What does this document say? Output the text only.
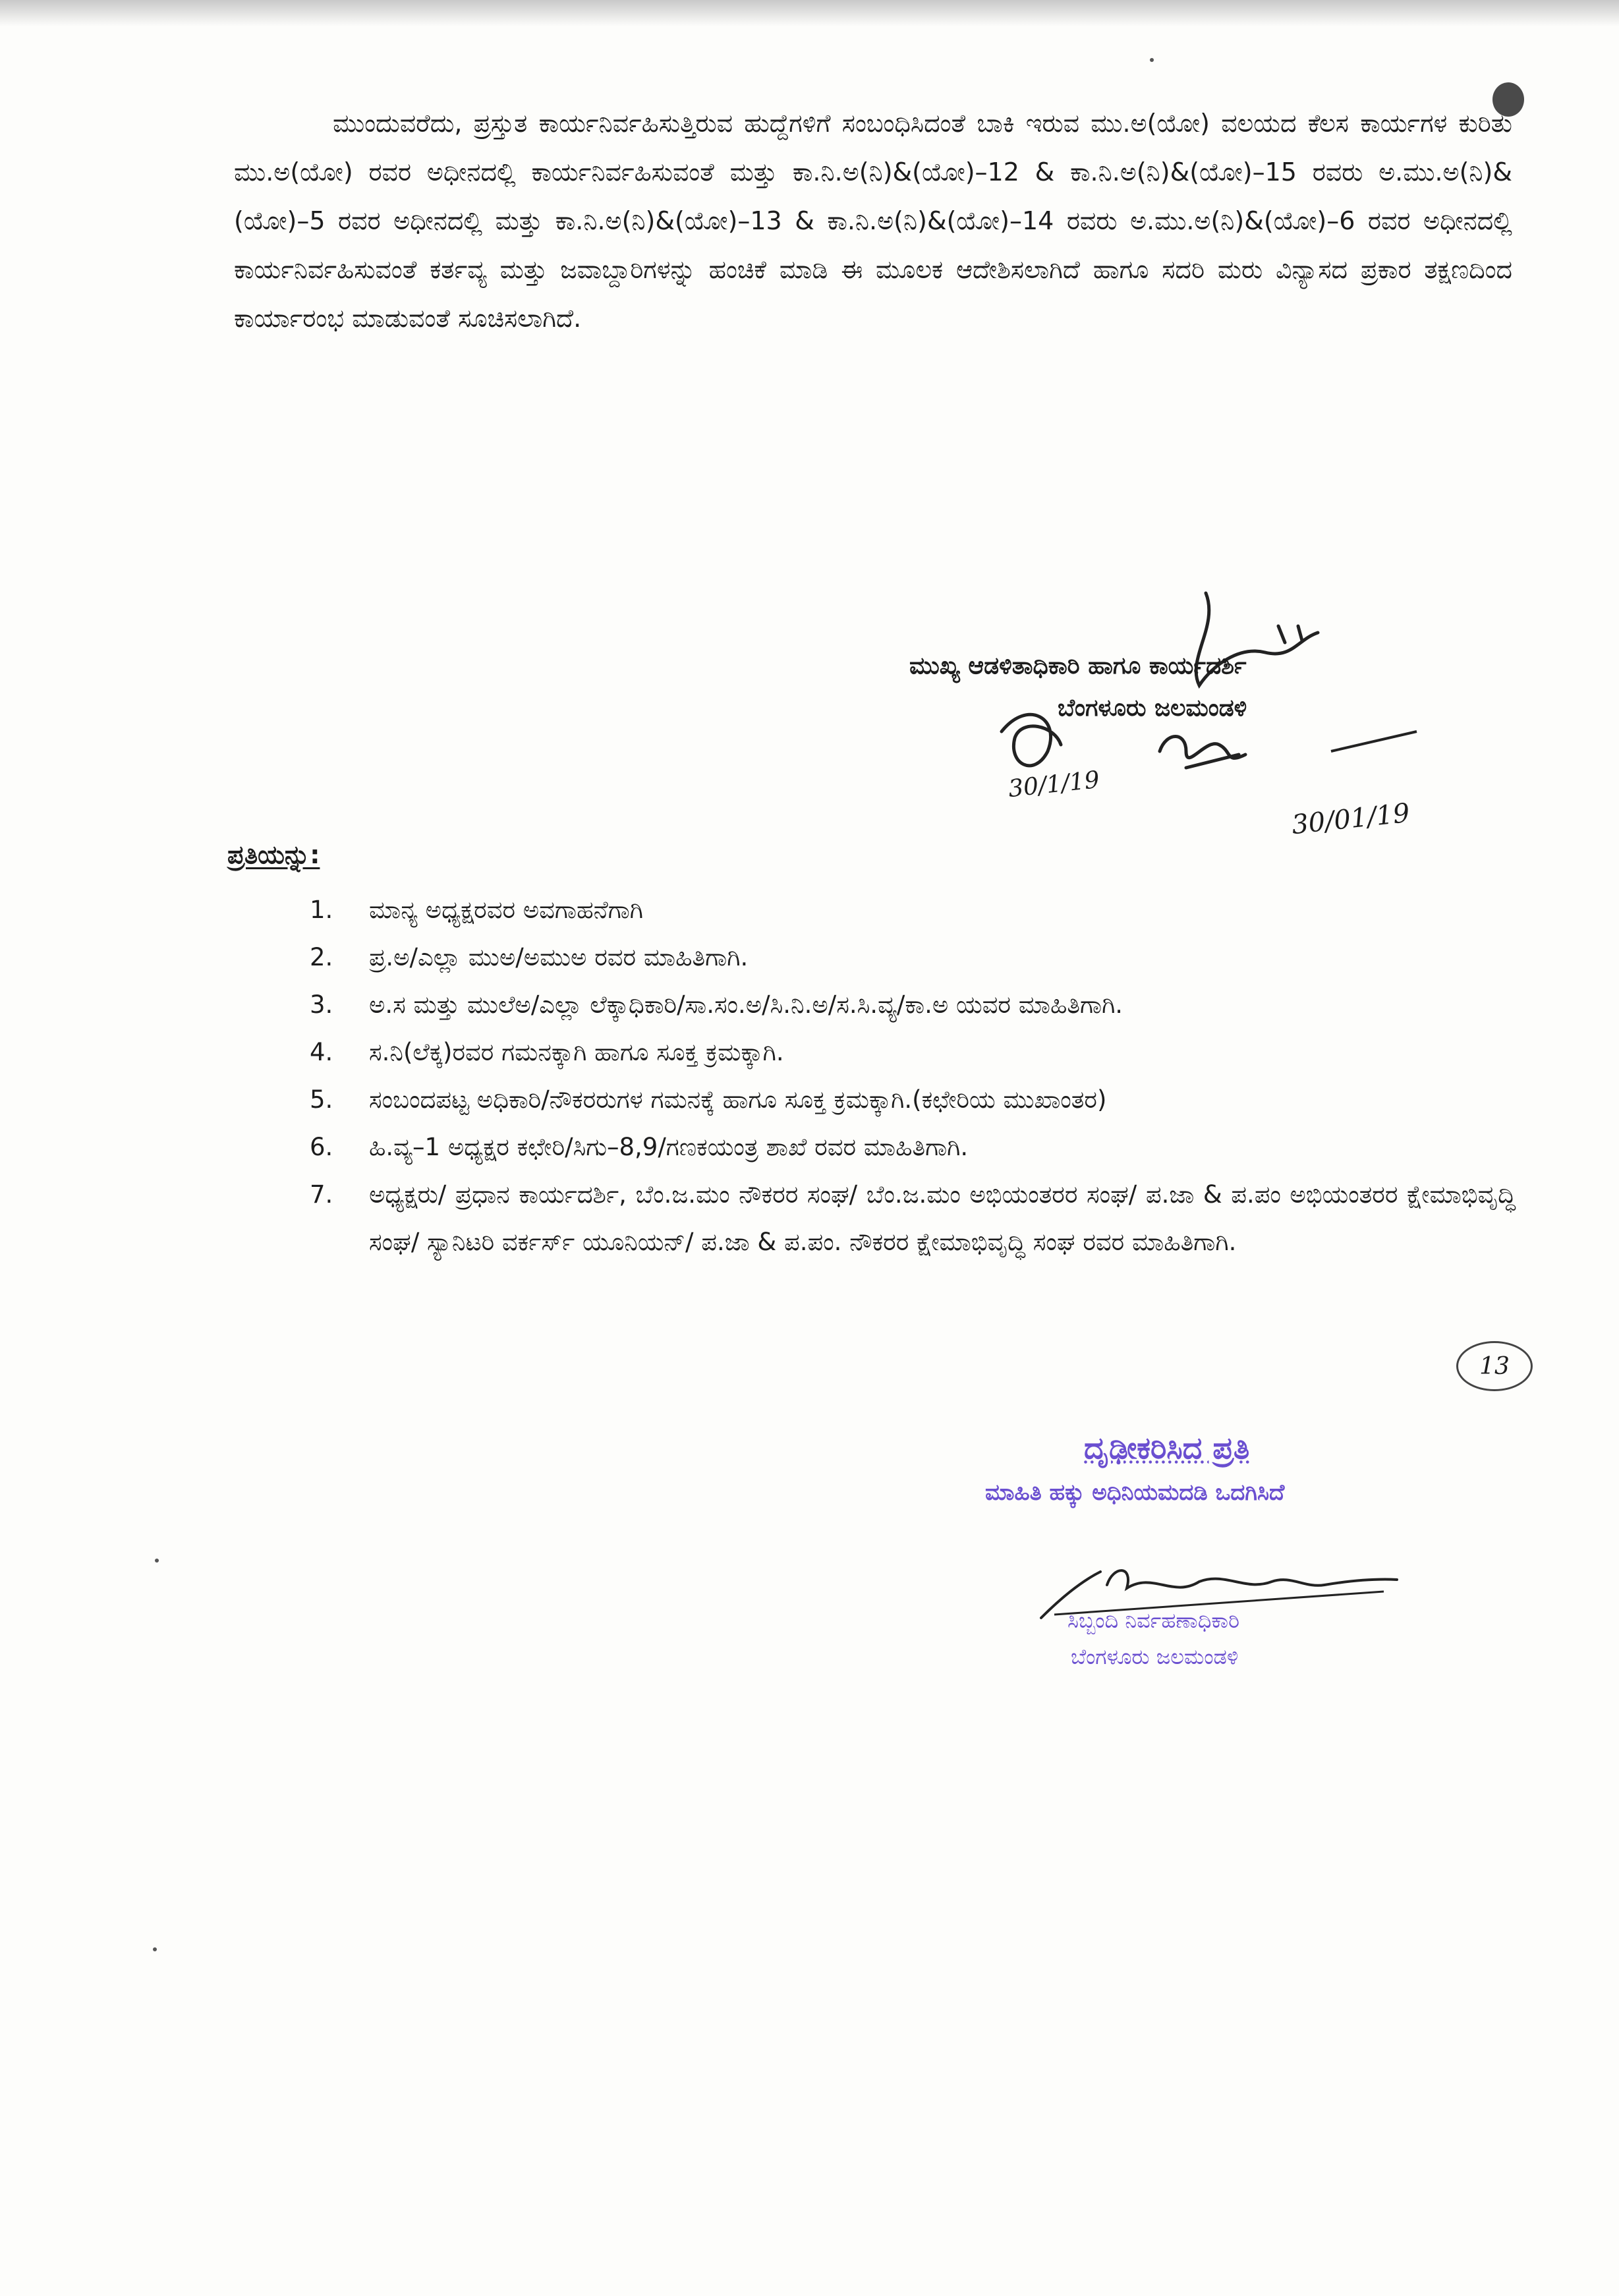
ಮುಂದುವರೆದು, ಪ್ರಸ್ತುತ ಕಾರ್ಯನಿರ್ವಹಿಸುತ್ತಿರುವ ಹುದ್ದೆಗಳಿಗೆ ಸಂಬಂಧಿಸಿದಂತೆ ಬಾಕಿ ಇರುವ ಮು.ಅ(ಯೋ) ವಲಯದ ಕೆಲಸ ಕಾರ್ಯಗಳ ಕುರಿತು ಮು.ಅ(ಯೋ) ರವರ ಅಧೀನದಲ್ಲಿ ಕಾರ್ಯನಿರ್ವಹಿಸುವಂತೆ ಮತ್ತು ಕಾ.ನಿ.ಅ(ನಿ)&(ಯೋ)–12 & ಕಾ.ನಿ.ಅ(ನಿ)&(ಯೋ)–15 ರವರು ಅ.ಮು.ಅ(ನಿ)&(ಯೋ)–5 ರವರ ಅಧೀನದಲ್ಲಿ ಮತ್ತು ಕಾ.ನಿ.ಅ(ನಿ)&(ಯೋ)–13 & ಕಾ.ನಿ.ಅ(ನಿ)&(ಯೋ)–14 ರವರು ಅ.ಮು.ಅ(ನಿ)&(ಯೋ)–6 ರವರ ಅಧೀನದಲ್ಲಿ ಕಾರ್ಯನಿರ್ವಹಿಸುವಂತೆ ಕರ್ತವ್ಯ ಮತ್ತು ಜವಾಬ್ದಾರಿಗಳನ್ನು ಹಂಚಿಕೆ ಮಾಡಿ ಈ ಮೂಲಕ ಆದೇಶಿಸಲಾಗಿದೆ ಹಾಗೂ ಸದರಿ ಮರು ವಿನ್ಯಾಸದ ಪ್ರಕಾರ ತಕ್ಷಣದಿಂದ ಕಾರ್ಯಾರಂಭ ಮಾಡುವಂತೆ ಸೂಚಿಸಲಾಗಿದೆ.

ಮುಖ್ಯ ಆಡಳಿತಾಧಿಕಾರಿ ಹಾಗೂ ಕಾರ್ಯದರ್ಶಿ

ಬೆಂಗಳೂರು ಜಲಮಂಡಳಿ

30/1/19
30/01/19

ಪ್ರತಿಯನ್ನು:

1.	ಮಾನ್ಯ ಅಧ್ಯಕ್ಷರವರ ಅವಗಾಹನೆಗಾಗಿ
2.	ಪ್ರ.ಅ/ಎಲ್ಲಾ ಮುಅ/ಅಮುಅ ರವರ ಮಾಹಿತಿಗಾಗಿ.
3.	ಅ.ಸ ಮತ್ತು ಮುಲೆಅ/ಎಲ್ಲಾ ಲೆಕ್ಕಾಧಿಕಾರಿ/ಸಾ.ಸಂ.ಅ/ಸಿ.ನಿ.ಅ/ಸ.ಸಿ.ವ್ಯ/ಕಾ.ಅ ಯವರ ಮಾಹಿತಿಗಾಗಿ.
4.	ಸ.ನಿ(ಲೆಕ್ಕ)ರವರ ಗಮನಕ್ಕಾಗಿ ಹಾಗೂ ಸೂಕ್ತ ಕ್ರಮಕ್ಕಾಗಿ.
5.	ಸಂಬಂದಪಟ್ಟ ಅಧಿಕಾರಿ/ನೌಕರರುಗಳ ಗಮನಕ್ಕೆ ಹಾಗೂ ಸೂಕ್ತ ಕ್ರಮಕ್ಕಾಗಿ.(ಕಛೇರಿಯ ಮುಖಾಂತರ)
6.	ಹಿ.ವ್ಯ–1 ಅಧ್ಯಕ್ಷರ ಕಛೇರಿ/ಸಿಗು–8,9/ಗಣಕಯಂತ್ರ ಶಾಖೆ ರವರ ಮಾಹಿತಿಗಾಗಿ.
7.	ಅಧ್ಯಕ್ಷರು/ ಪ್ರಧಾನ ಕಾರ್ಯದರ್ಶಿ, ಬೆಂ.ಜ.ಮಂ ನೌಕರರ ಸಂಘ/ ಬೆಂ.ಜ.ಮಂ ಅಭಿಯಂತರರ ಸಂಘ/ ಪ.ಜಾ & ಪ.ಪಂ ಅಭಿಯಂತರರ ಕ್ಷೇಮಾಭಿವೃದ್ಧಿ ಸಂಘ/ ಸ್ಯಾನಿಟರಿ ವರ್ಕರ್ಸ್ ಯೂನಿಯನ್/ ಪ.ಜಾ & ಪ.ಪಂ. ನೌಕರರ ಕ್ಷೇಮಾಭಿವೃದ್ಧಿ ಸಂಘ ರವರ ಮಾಹಿತಿಗಾಗಿ.
13
ದೃಢೀಕರಿಸಿದ ಪ್ರತಿ
ಮಾಹಿತಿ ಹಕ್ಕು ಅಧಿನಿಯಮದಡಿ ಒದಗಿಸಿದೆ
ಸಿಬ್ಬಂದಿ ನಿರ್ವಹಣಾಧಿಕಾರಿ
ಬೆಂಗಳೂರು ಜಲಮಂಡಳಿ
